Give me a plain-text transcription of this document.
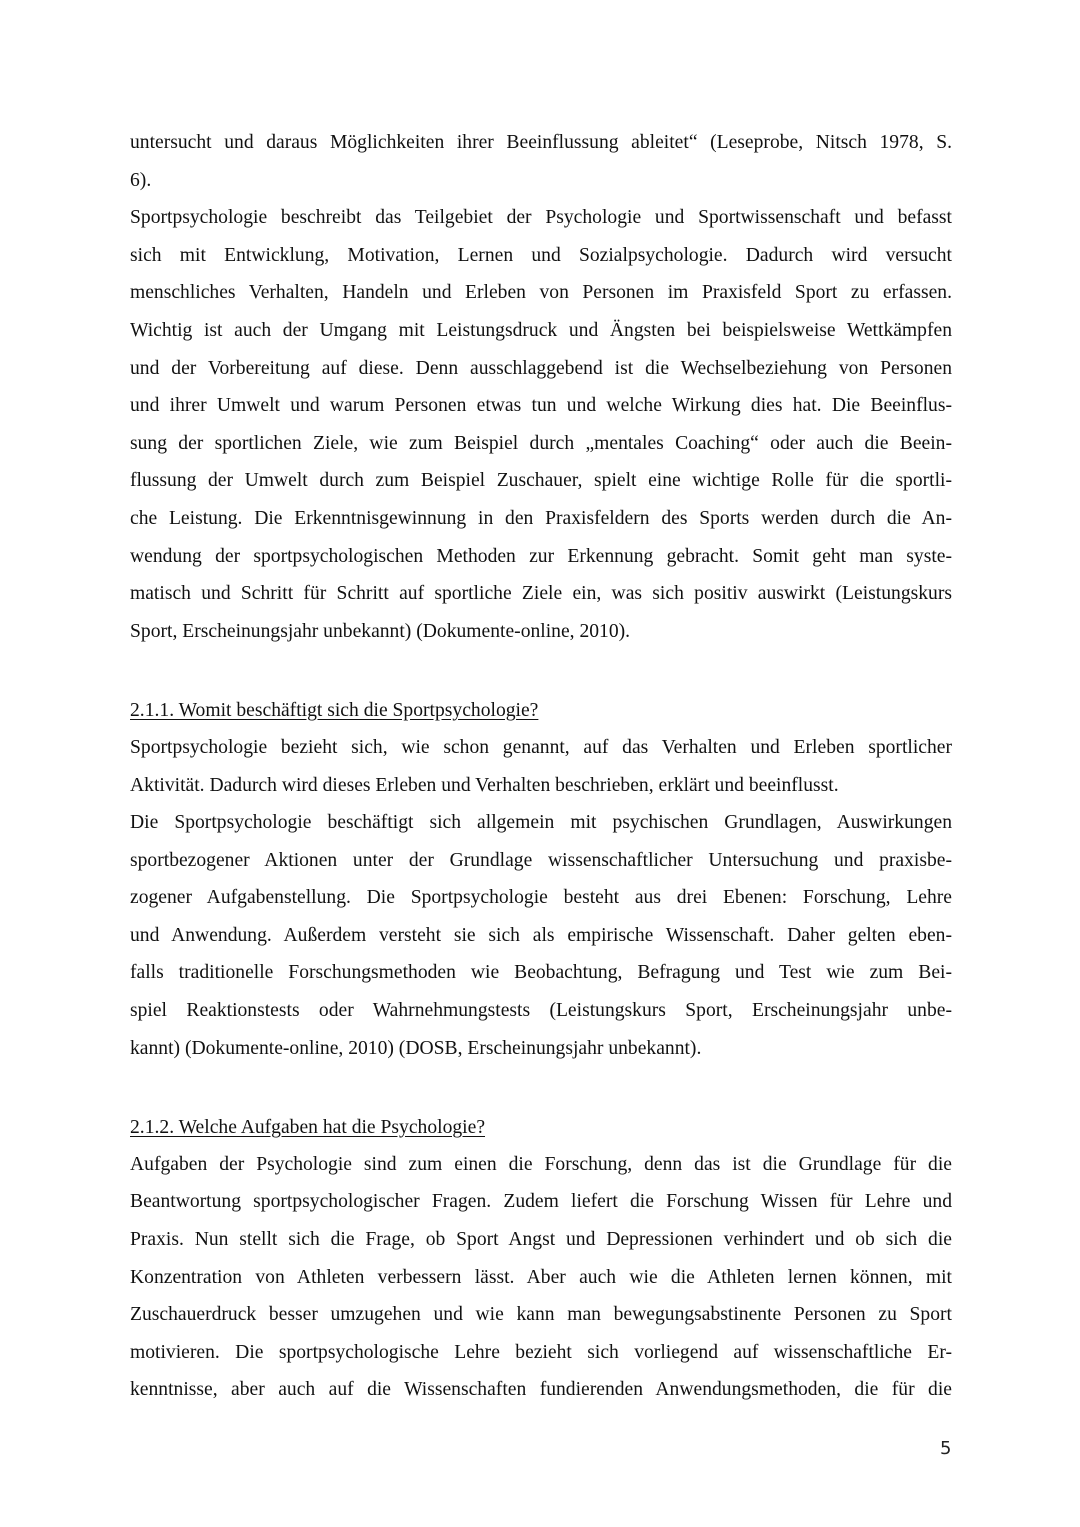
untersucht und daraus Möglichkeiten ihrer Beeinflussung ableitet“ (Leseprobe, Nitsch 1978, S.
6).
Sportpsychologie beschreibt das Teilgebiet der Psychologie und Sportwissenschaft und befasst
sich mit Entwicklung, Motivation, Lernen und Sozialpsychologie. Dadurch wird versucht
menschliches Verhalten, Handeln und Erleben von Personen im Praxisfeld Sport zu erfassen.
Wichtig ist auch der Umgang mit Leistungsdruck und Ängsten bei beispielsweise Wettkämpfen
und der Vorbereitung auf diese. Denn ausschlaggebend ist die Wechselbeziehung von Personen
und ihrer Umwelt und warum Personen etwas tun und welche Wirkung dies hat. Die Beeinflus-
sung der sportlichen Ziele, wie zum Beispiel durch „mentales Coaching“ oder auch die Beein-
flussung der Umwelt durch zum Beispiel Zuschauer, spielt eine wichtige Rolle für die sportli-
che Leistung. Die Erkenntnisgewinnung in den Praxisfeldern des Sports werden durch die An-
wendung der sportpsychologischen Methoden zur Erkennung gebracht. Somit geht man syste-
matisch und Schritt für Schritt auf sportliche Ziele ein, was sich positiv auswirkt (Leistungskurs
Sport, Erscheinungsjahr unbekannt) (Dokumente-online, 2010).
2.1.1. Womit beschäftigt sich die Sportpsychologie?
Sportpsychologie bezieht sich, wie schon genannt, auf das Verhalten und Erleben sportlicher
Aktivität. Dadurch wird dieses Erleben und Verhalten beschrieben, erklärt und beeinflusst.
Die Sportpsychologie beschäftigt sich allgemein mit psychischen Grundlagen, Auswirkungen
sportbezogener Aktionen unter der Grundlage wissenschaftlicher Untersuchung und praxisbe-
zogener Aufgabenstellung. Die Sportpsychologie besteht aus drei Ebenen: Forschung, Lehre
und Anwendung. Außerdem versteht sie sich als empirische Wissenschaft. Daher gelten eben-
falls traditionelle Forschungsmethoden wie Beobachtung, Befragung und Test wie zum Bei-
spiel Reaktionstests oder Wahrnehmungstests (Leistungskurs Sport, Erscheinungsjahr unbe-
kannt) (Dokumente-online, 2010) (DOSB, Erscheinungsjahr unbekannt).
2.1.2. Welche Aufgaben hat die Psychologie?
Aufgaben der Psychologie sind zum einen die Forschung, denn das ist die Grundlage für die
Beantwortung sportpsychologischer Fragen. Zudem liefert die Forschung Wissen für Lehre und
Praxis. Nun stellt sich die Frage, ob Sport Angst und Depressionen verhindert und ob sich die
Konzentration von Athleten verbessern lässt. Aber auch wie die Athleten lernen können, mit
Zuschauerdruck besser umzugehen und wie kann man bewegungsabstinente Personen zu Sport
motivieren. Die sportpsychologische Lehre bezieht sich vorliegend auf wissenschaftliche Er-
kenntnisse, aber auch auf die Wissenschaften fundierenden Anwendungsmethoden, die für die
5
